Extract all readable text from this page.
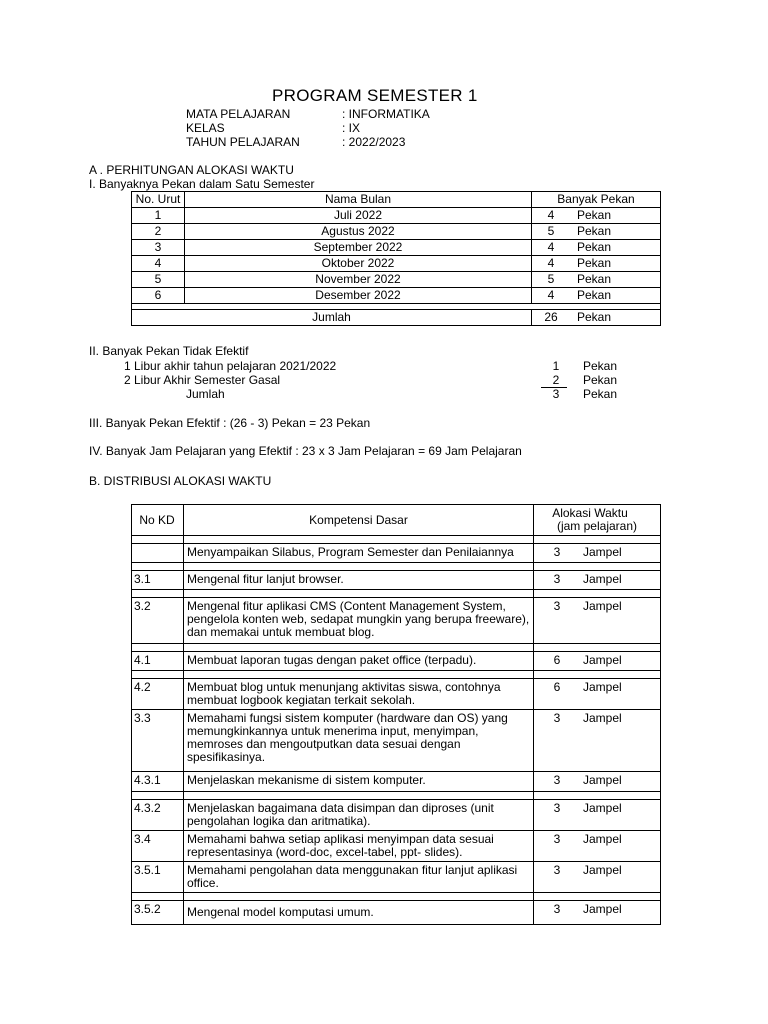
PROGRAM SEMESTER 1
MATA PELAJARAN	: INFORMATIKA
KELAS	: IX
TAHUN PELAJARAN	: 2022/2023
A . PERHITUNGAN ALOKASI WAKTU
I. Banyaknya Pekan dalam Satu Semester
No. Urut	Nama Bulan	Banyak Pekan
1	Juli 2022	4 Pekan
2	Agustus 2022	5 Pekan
3	September 2022	4 Pekan
4	Oktober 2022	4 Pekan
5	November 2022	5 Pekan
6	Desember 2022	4 Pekan

Jumlah		26 Pekan
II. Banyak Pekan Tidak Efektif
1 Libur akhir tahun pelajaran 2021/2022	1	Pekan
2 Libur Akhir Semester Gasal	2	Pekan
Jumlah	3	Pekan
III. Banyak Pekan Efektif : (26 - 3) Pekan = 23 Pekan
IV. Banyak Jam Pelajaran yang Efektif : 23 x 3 Jam Pelajaran = 69 Jam Pelajaran
B. DISTRIBUSI ALOKASI WAKTU
No KD	Kompetensi Dasar	Alokasi Waktu
(jam pelajaran)

	Menyampaikan Silabus, Program Semester dan Penilaiannya	3 Jampel

3.1	Mengenal fitur lanjut browser.	3 Jampel

3.2	Mengenal fitur aplikasi CMS (Content Management System, pengelola konten web, sedapat mungkin yang berupa freeware), dan memakai untuk membuat blog.	3 Jampel

4.1	Membuat laporan tugas dengan paket office (terpadu).	6 Jampel

4.2	Membuat blog untuk menunjang aktivitas siswa, contohnya membuat logbook kegiatan terkait sekolah.	6 Jampel
3.3	Memahami fungsi sistem komputer (hardware dan OS) yang memungkinkannya untuk menerima input, menyimpan, memroses dan mengoutputkan data sesuai dengan spesifikasinya.	3 Jampel
4.3.1	Menjelaskan mekanisme di sistem komputer.	3 Jampel

4.3.2	Menjelaskan bagaimana data disimpan dan diproses (unit pengolahan logika dan aritmatika).	3 Jampel
3.4	Memahami bahwa setiap aplikasi menyimpan data sesuai representasinya (word-doc, excel-tabel, ppt- slides).	3 Jampel
3.5.1	Memahami pengolahan data menggunakan fitur lanjut aplikasi office.	3 Jampel

3.5.2	Mengenal model komputasi umum.	3 Jampel
